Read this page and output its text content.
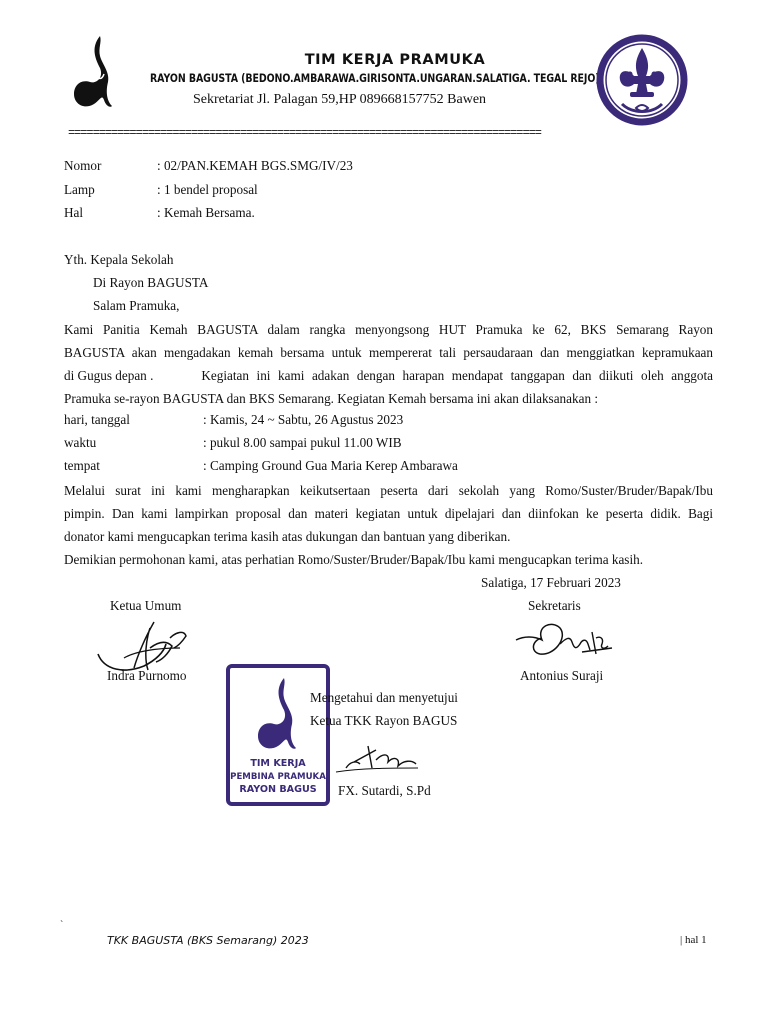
TIM KERJA PRAMUKA
RAYON BAGUSTA (BEDONO.AMBARAWA.GIRISONTA.UNGARAN.SALATIGA. TEGAL REJO)
Sekretariat Jl. Palagan 59,HP 089668157752 Bawen
=============================================================================
Nomor	: 02/PAN.KEMAH BGS.SMG/IV/23
Lamp	: 1 bendel proposal
Hal	: Kemah Bersama.
Yth. Kepala Sekolah
Di Rayon BAGUSTA
Salam Pramuka,
Kami Panitia Kemah BAGUSTA dalam rangka menyongsong HUT Pramuka ke 62, BKS Semarang Rayon
BAGUSTA akan mengadakan kemah bersama untuk mempererat tali persaudaraan dan menggiatkan kepramukaan
di Gugus depan .	Kegiatan ini kami adakan dengan harapan mendapat tanggapan dan diikuti oleh anggota
Pramuka se-rayon BAGUSTA dan BKS Semarang. Kegiatan Kemah bersama ini akan dilaksanakan :
hari, tanggal	: Kamis, 24 ~ Sabtu, 26 Agustus 2023
waktu	: pukul 8.00 sampai pukul 11.00 WIB
tempat	: Camping Ground Gua Maria Kerep Ambarawa
Melalui surat ini kami mengharapkan keikutsertaan peserta dari sekolah yang Romo/Suster/Bruder/Bapak/Ibu
pimpin. Dan kami lampirkan proposal dan materi kegiatan untuk dipelajari dan diinfokan ke peserta didik. Bagi
donator kami mengucapkan terima kasih atas dukungan dan bantuan yang diberikan.
Demikian permohonan kami, atas perhatian Romo/Suster/Bruder/Bapak/Ibu kami mengucapkan terima kasih.
Salatiga, 17 Februari 2023
Ketua Umum	Sekretaris
Indra Purnomo	Antonius Suraji
TIM KERJA
PEMBINA PRAMUKA
RAYON BAGUS
Mengetahui dan menyetujui
Ketua TKK Rayon BAGUS
FX. Sutardi, S.Pd
`
TKK BAGUSTA (BKS Semarang) 2023	| hal 1
